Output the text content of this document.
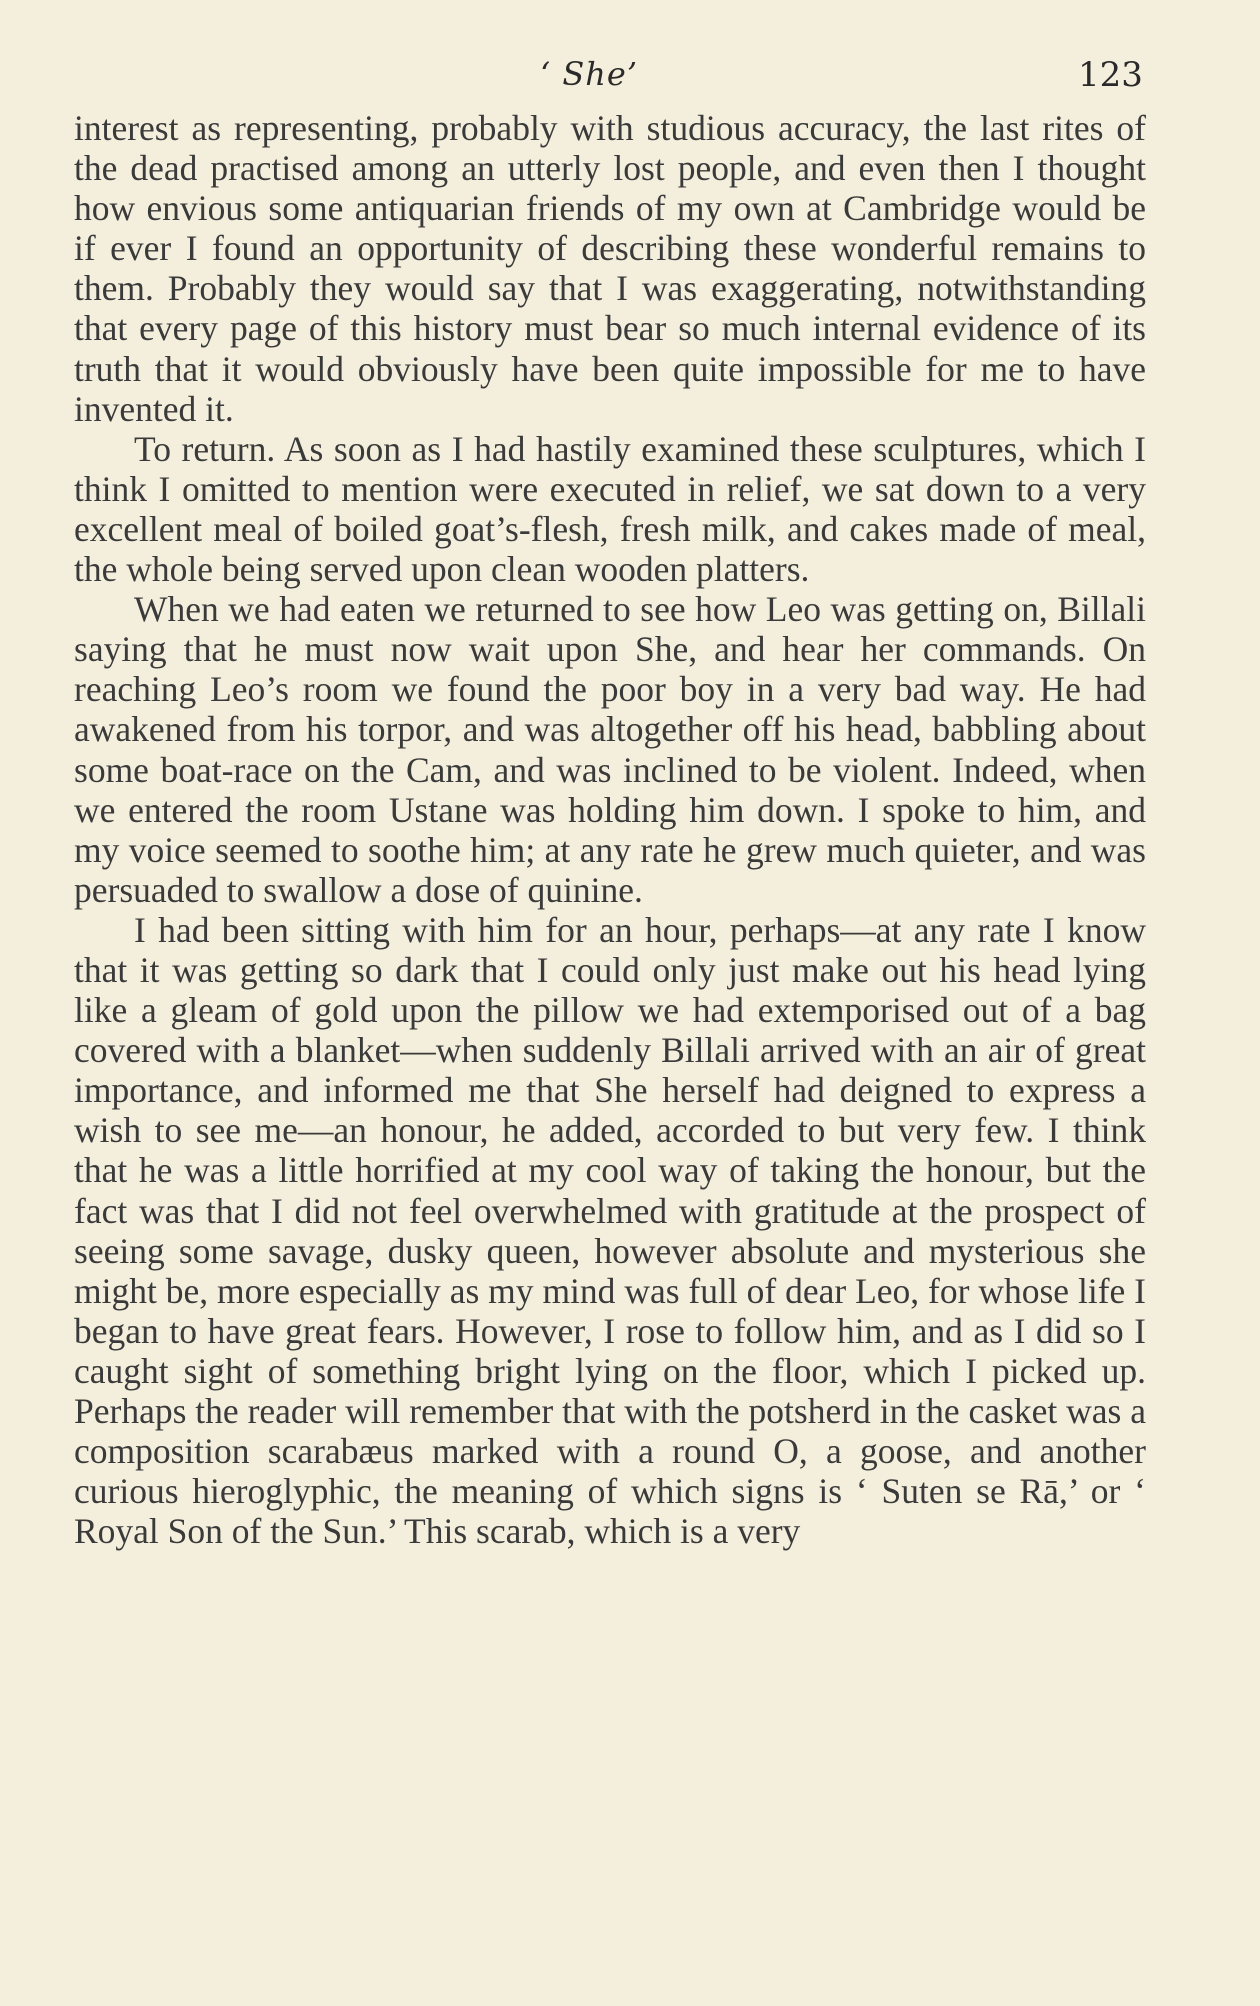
‘ She’	123

interest as representing, probably with studious accuracy, the last rites of the dead practised among an utterly lost people, and even then I thought how envious some antiquarian friends of my own at Cambridge would be if ever I found an opportunity of describing these wonderful remains to them. Probably they would say that I was exaggerating, notwithstanding that every page of this history must bear so much internal evidence of its truth that it would obviously have been quite impossible for me to have invented it.

To return. As soon as I had hastily examined these sculptures, which I think I omitted to mention were executed in relief, we sat down to a very excellent meal of boiled goat’s-flesh, fresh milk, and cakes made of meal, the whole being served upon clean wooden platters.

When we had eaten we returned to see how Leo was getting on, Billali saying that he must now wait upon She, and hear her commands. On reaching Leo’s room we found the poor boy in a very bad way. He had awakened from his torpor, and was altogether off his head, babbling about some boat-race on the Cam, and was inclined to be violent. Indeed, when we entered the room Ustane was holding him down. I spoke to him, and my voice seemed to soothe him; at any rate he grew much quieter, and was persuaded to swallow a dose of quinine.

I had been sitting with him for an hour, perhaps—at any rate I know that it was getting so dark that I could only just make out his head lying like a gleam of gold upon the pillow we had extemporised out of a bag covered with a blanket—when suddenly Billali arrived with an air of great importance, and informed me that She herself had deigned to express a wish to see me—an honour, he added, accorded to but very few. I think that he was a little horrified at my cool way of taking the honour, but the fact was that I did not feel overwhelmed with gratitude at the prospect of seeing some savage, dusky queen, however absolute and mysterious she might be, more especially as my mind was full of dear Leo, for whose life I began to have great fears. However, I rose to follow him, and as I did so I caught sight of something bright lying on the floor, which I picked up. Perhaps the reader will remember that with the potsherd in the casket was a composition scarabæus marked with a round O, a goose, and another curious hieroglyphic, the meaning of which signs is ‘ Suten se Rā,’ or ‘ Royal Son of the Sun.’ This scarab, which is a very
